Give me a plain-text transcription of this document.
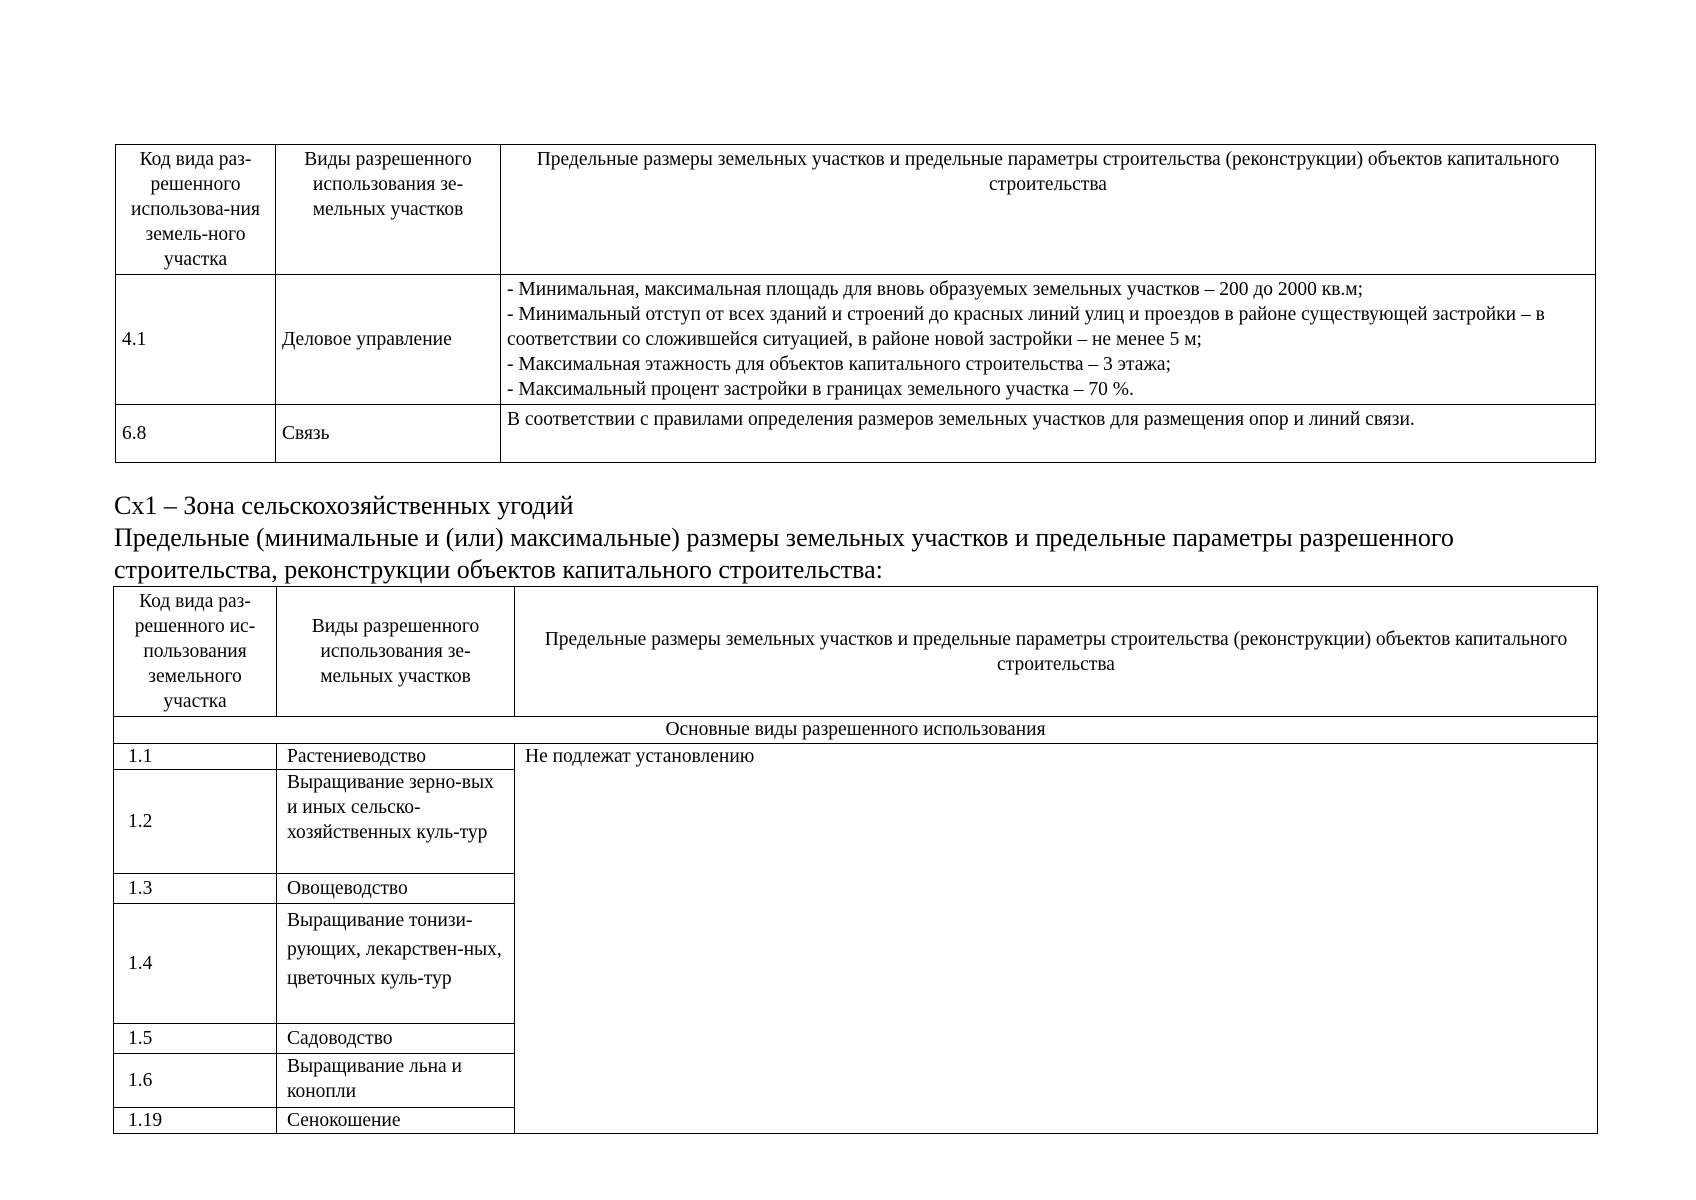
Код вида раз-решенного использова-ния земель-ного участка	Виды разрешенного использования зе-мельных участков	Предельные размеры земельных участков и предельные параметры строительства (реконструкции) объектов капитального строительства
4.1	Деловое управление	- Минимальная, максимальная площадь для вновь образуемых земельных участков – 200 до 2000 кв.м;
- Минимальный отступ от всех зданий и строений до красных линий улиц и проездов в районе существующей застройки – в соответствии со сложившейся ситуацией, в районе новой застройки – не менее 5 м;
- Максимальная этажность для объектов капитального строительства – 3 этажа;
- Максимальный процент застройки в границах земельного участка – 70 %.

6.8	Связь	В соответствии с правилами определения размеров земельных участков для размещения опор и линий связи.
Сх1 – Зона сельскохозяйственных угодий
Предельные (минимальные и (или) максимальные) размеры земельных участков и предельные параметры разрешенного
строительства, реконструкции объектов капитального строительства:
Код вида раз-решенного ис-пользования земельного участка	Виды разрешенного использования зе-мельных участков	Предельные размеры земельных участков и предельные параметры строительства (реконструкции) объектов капитального строительства
Основные виды разрешенного использования		
1.1	Растениеводство	Не подлежат установлению
1.2	Выращивание зерно-вых и иных сельско-хозяйственных куль-тур	
1.3	Овощеводство	
1.4	Выращивание тонизи-рующих, лекарствен-ных, цветочных куль-тур	
1.5	Садоводство	
1.6	Выращивание льна и конопли	
1.19	Сенокошение	
